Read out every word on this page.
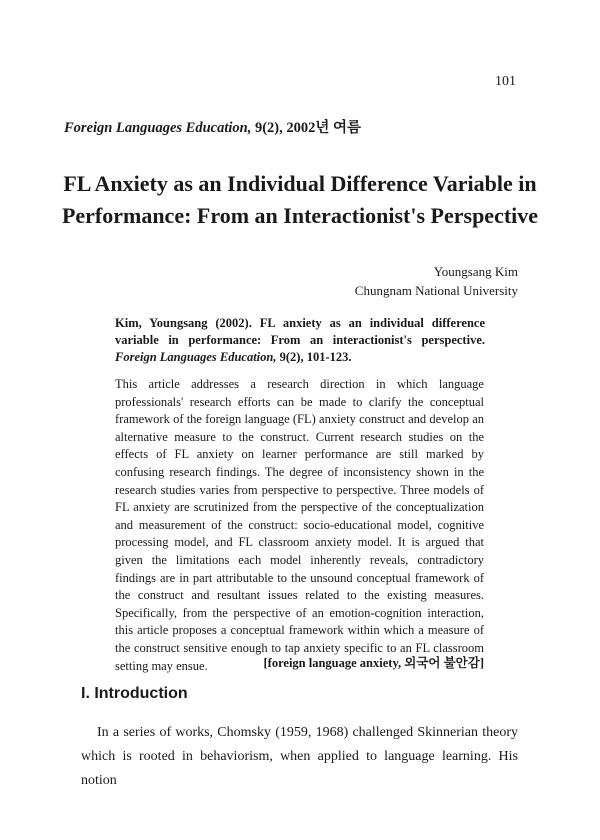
101
Foreign Languages Education, 9(2), 2002년 여름
FL Anxiety as an Individual Difference Variable in
Performance: From an Interactionist's Perspective
Youngsang Kim
Chungnam National University
Kim, Youngsang (2002). FL anxiety as an individual difference variable in performance: From an interactionist's perspective. Foreign Languages Education, 9(2), 101-123.
This article addresses a research direction in which language professionals' research efforts can be made to clarify the conceptual framework of the foreign language (FL) anxiety construct and develop an alternative measure to the construct. Current research studies on the effects of FL anxiety on learner performance are still marked by confusing research findings. The degree of inconsistency shown in the research studies varies from perspective to perspective. Three models of FL anxiety are scrutinized from the perspective of the conceptualization and measurement of the construct: socio-educational model, cognitive processing model, and FL classroom anxiety model. It is argued that given the limitations each model inherently reveals, contradictory findings are in part attributable to the unsound conceptual framework of the construct and resultant issues related to the existing measures. Specifically, from the perspective of an emotion-cognition interaction, this article proposes a conceptual framework within which a measure of the construct sensitive enough to tap anxiety specific to an FL classroom setting may ensue.	[foreign language anxiety, 외국어 불안감]
I. Introduction
In a series of works, Chomsky (1959, 1968) challenged Skinnerian theory which is rooted in behaviorism, when applied to language learning. His notion
